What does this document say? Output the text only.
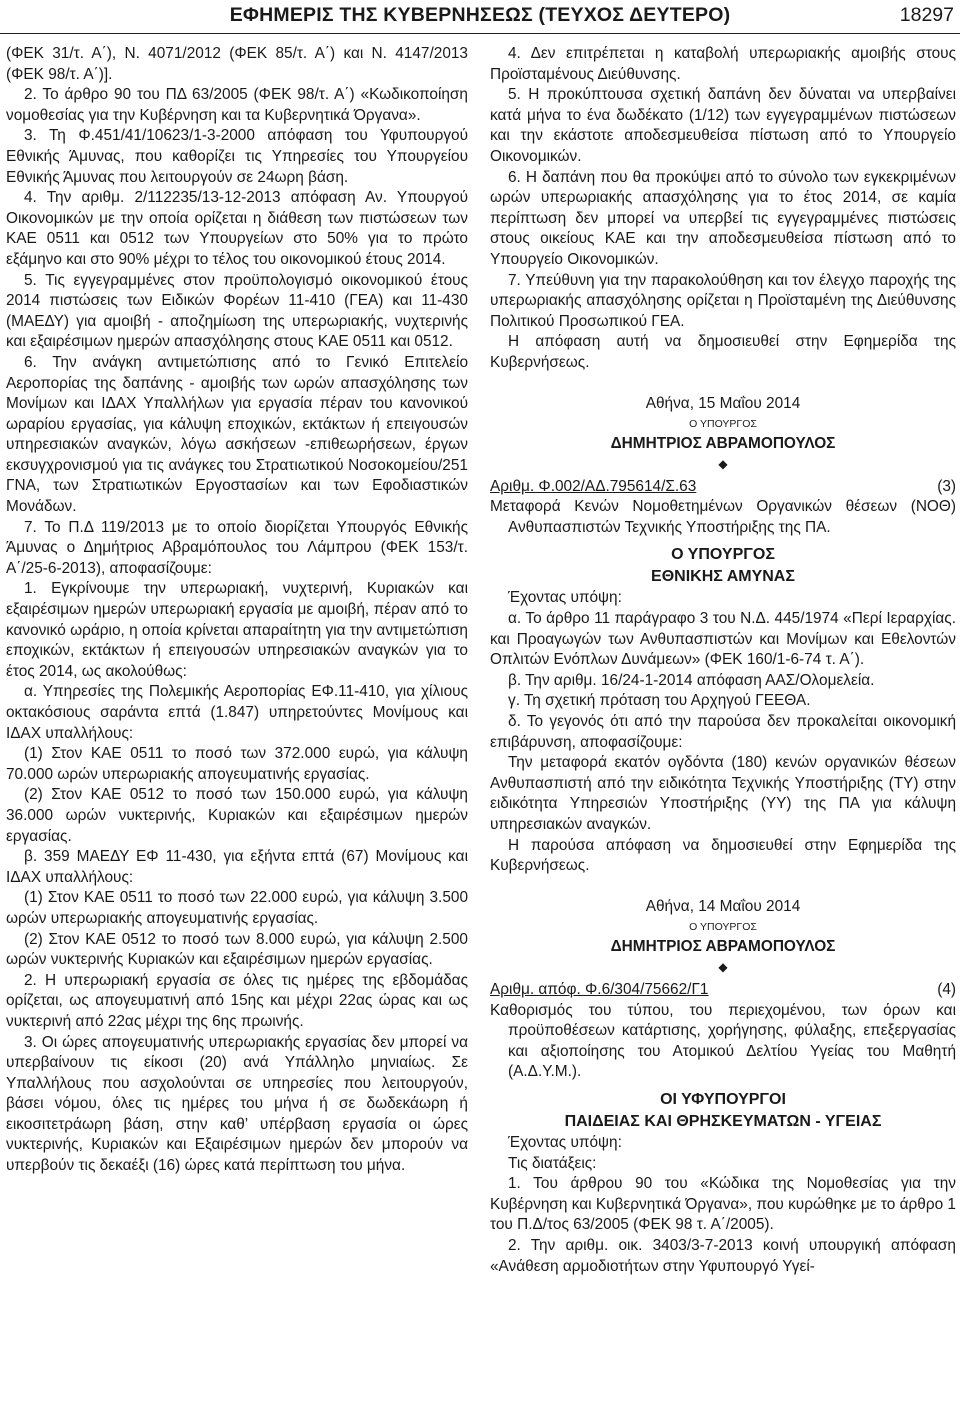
ΕΦΗΜΕΡΙΣ ΤΗΣ ΚΥΒΕΡΝΗΣΕΩΣ (ΤΕΥΧΟΣ ΔΕΥΤΕΡΟ)	18297

(ΦΕΚ 31/τ. Α΄), Ν. 4071/2012 (ΦΕΚ 85/τ. Α΄) και Ν. 4147/2013 (ΦΕΚ 98/τ. Α΄)].

2. Το άρθρο 90 του ΠΔ 63/2005 (ΦΕΚ 98/τ. Α΄) «Κωδικοποίηση νομοθεσίας για την Κυβέρνηση και τα Κυβερνητικά Όργανα».

3. Τη Φ.451/41/10623/1-3-2000 απόφαση του Υφυπουργού Εθνικής Άμυνας, που καθορίζει τις Υπηρεσίες του Υπουργείου Εθνικής Άμυνας που λειτουργούν σε 24ωρη βάση.

4. Την αριθμ. 2/112235/13-12-2013 απόφαση Αν. Υπουργού Οικονομικών με την οποία ορίζεται η διάθεση των πιστώσεων των ΚΑΕ 0511 και 0512 των Υπουργείων στο 50% για το πρώτο εξάμηνο και στο 90% μέχρι το τέλος του οικονομικού έτους 2014.

5. Τις εγγεγραμμένες στον προϋπολογισμό οικονομικού έτους 2014 πιστώσεις των Ειδικών Φορέων 11-410 (ΓΕΑ) και 11-430 (ΜΑΕΔΥ) για αμοιβή - αποζημίωση της υπερωριακής, νυχτερινής και εξαιρέσιμων ημερών απασχόλησης στους ΚΑΕ 0511 και 0512.

6. Την ανάγκη αντιμετώπισης από το Γενικό Επιτελείο Αεροπορίας της δαπάνης - αμοιβής των ωρών απασχόλησης των Μονίμων και ΙΔΑΧ Υπαλλήλων για εργασία πέραν του κανονικού ωραρίου εργασίας, για κάλυψη εποχικών, εκτάκτων ή επειγουσών υπηρεσιακών αναγκών, λόγω ασκήσεων -επιθεωρήσεων, έργων εκσυγχρονισμού για τις ανάγκες του Στρατιωτικού Νοσοκομείου/251 ΓΝΑ, των Στρατιωτικών Εργοστασίων και των Εφοδιαστικών Μονάδων.

7. Το Π.Δ 119/2013 με το οποίο διορίζεται Υπουργός Εθνικής Άμυνας ο Δημήτριος Αβραμόπουλος του Λάμπρου (ΦΕΚ 153/τ. Α΄/25-6-2013), αποφασίζουμε:

1. Εγκρίνουμε την υπερωριακή, νυχτερινή, Κυριακών και εξαιρέσιμων ημερών υπερωριακή εργασία με αμοιβή, πέραν από το κανονικό ωράριο, η οποία κρίνεται απαραίτητη για την αντιμετώπιση εποχικών, εκτάκτων ή επειγουσών υπηρεσιακών αναγκών για το έτος 2014, ως ακολούθως:

α. Υπηρεσίες της Πολεμικής Αεροπορίας ΕΦ.11-410, για χίλιους οκτακόσιους σαράντα επτά (1.847) υπηρετούντες Μονίμους και ΙΔΑΧ υπαλλήλους:

(1) Στον ΚΑΕ 0511 το ποσό των 372.000 ευρώ, για κάλυψη 70.000 ωρών υπερωριακής απογευματινής εργασίας.

(2) Στον ΚΑΕ 0512 το ποσό των 150.000 ευρώ, για κάλυψη 36.000 ωρών νυκτερινής, Κυριακών και εξαιρέσιμων ημερών εργασίας.

β. 359 ΜΑΕΔΥ ΕΦ 11-430, για εξήντα επτά (67) Μονίμους και ΙΔΑΧ υπαλλήλους:

(1) Στον ΚΑΕ 0511 το ποσό των 22.000 ευρώ, για κάλυψη 3.500 ωρών υπερωριακής απογευματινής εργασίας.

(2) Στον ΚΑΕ 0512 το ποσό των 8.000 ευρώ, για κάλυψη 2.500 ωρών νυκτερινής Κυριακών και εξαιρέσιμων ημερών εργασίας.

2. Η υπερωριακή εργασία σε όλες τις ημέρες της εβδομάδας ορίζεται, ως απογευματινή από 15ης και μέχρι 22ας ώρας και ως νυκτερινή από 22ας μέχρι της 6ης πρωινής.

3. Οι ώρες απογευματινής υπερωριακής εργασίας δεν μπορεί να υπερβαίνουν τις είκοσι (20) ανά Υπάλληλο μηνιαίως. Σε Υπαλλήλους που ασχολούνται σε υπηρεσίες που λειτουργούν, βάσει νόμου, όλες τις ημέρες του μήνα ή σε δωδεκάωρη ή εικοσιτετράωρη βάση, στην καθ’ υπέρβαση εργασία οι ώρες νυκτερινής, Κυριακών και Εξαιρέσιμων ημερών δεν μπορούν να υπερβούν τις δεκαέξι (16) ώρες κατά περίπτωση του μήνα.

4. Δεν επιτρέπεται η καταβολή υπερωριακής αμοιβής στους Προϊσταμένους Διεύθυνσης.

5. Η προκύπτουσα σχετική δαπάνη δεν δύναται να υπερβαίνει κατά μήνα το ένα δωδέκατο (1/12) των εγγεγραμμένων πιστώσεων και την εκάστοτε αποδεσμευθείσα πίστωση από το Υπουργείο Οικονομικών.

6. Η δαπάνη που θα προκύψει από το σύνολο των εγκεκριμένων ωρών υπερωριακής απασχόλησης για το έτος 2014, σε καμία περίπτωση δεν μπορεί να υπερβεί τις εγγεγραμμένες πιστώσεις στους οικείους ΚΑΕ και την αποδεσμευθείσα πίστωση από το Υπουργείο Οικονομικών.

7. Υπεύθυνη για την παρακολούθηση και τον έλεγχο παροχής της υπερωριακής απασχόλησης ορίζεται η Προϊσταμένη της Διεύθυνσης Πολιτικού Προσωπικού ΓΕΑ.

Η απόφαση αυτή να δημοσιευθεί στην Εφημερίδα της Κυβερνήσεως.

Αθήνα, 15 Μαΐου 2014

Ο ΥΠΟΥΡΓΟΣ

ΔΗΜΗΤΡΙΟΣ ΑΒΡΑΜΟΠΟΥΛΟΣ

◆

Αριθμ. Φ.002/ΑΔ.795614/Σ.63	(3)

Μεταφορά Κενών Νομοθετημένων Οργανικών θέσεων (ΝΟΘ) Ανθυπασπιστών Τεχνικής Υποστήριξης της ΠΑ.

Ο ΥΠΟΥΡΓΟΣ

ΕΘΝΙΚΗΣ ΑΜΥΝΑΣ

Έχοντας υπόψη:

α. Το άρθρο 11 παράγραφο 3 του Ν.Δ. 445/1974 «Περί Ιεραρχίας. και Προαγωγών των Ανθυπασπιστών και Μονίμων και Εθελοντών Οπλιτών Ενόπλων Δυνάμεων» (ΦΕΚ 160/1-6-74 τ. Α΄).

β. Την αριθμ. 16/24-1-2014 απόφαση ΑΑΣ/Ολομελεία.

γ. Τη σχετική πρόταση του Αρχηγού ΓΕΕΘΑ.

δ. Το γεγονός ότι από την παρούσα δεν προκαλείται οικονομική επιβάρυνση, αποφασίζουμε:

Την μεταφορά εκατόν ογδόντα (180) κενών οργανικών θέσεων Ανθυπασπιστή από την ειδικότητα Τεχνικής Υποστήριξης (ΤΥ) στην ειδικότητα Υπηρεσιών Υποστήριξης (ΥΥ) της ΠΑ για κάλυψη υπηρεσιακών αναγκών.

Η παρούσα απόφαση να δημοσιευθεί στην Εφημερίδα της Κυβερνήσεως.

Αθήνα, 14 Μαΐου 2014

Ο ΥΠΟΥΡΓΟΣ

ΔΗΜΗΤΡΙΟΣ ΑΒΡΑΜΟΠΟΥΛΟΣ

◆

Αριθμ. απόφ. Φ.6/304/75662/Γ1	(4)

Καθορισμός του τύπου, του περιεχομένου, των όρων και προϋποθέσεων κατάρτισης, χορήγησης, φύλαξης, επεξεργασίας και αξιοποίησης του Ατομικού Δελτίου Υγείας του Μαθητή (Α.Δ.Υ.Μ.).

ΟΙ ΥΦΥΠΟΥΡΓΟΙ

ΠΑΙΔΕΙΑΣ ΚΑΙ ΘΡΗΣΚΕΥΜΑΤΩΝ - ΥΓΕΙΑΣ

Έχοντας υπόψη:

Τις διατάξεις:

1. Του άρθρου 90 του «Κώδικα της Νομοθεσίας για την Κυβέρνηση και Κυβερνητικά Όργανα», που κυρώθηκε με το άρθρο 1 του Π.Δ/τος 63/2005 (ΦΕΚ 98 τ. Α΄/2005).

2. Την αριθμ. οικ. 3403/3-7-2013 κοινή υπουργική απόφαση «Ανάθεση αρμοδιοτήτων στην Υφυπουργό Υγεί-
